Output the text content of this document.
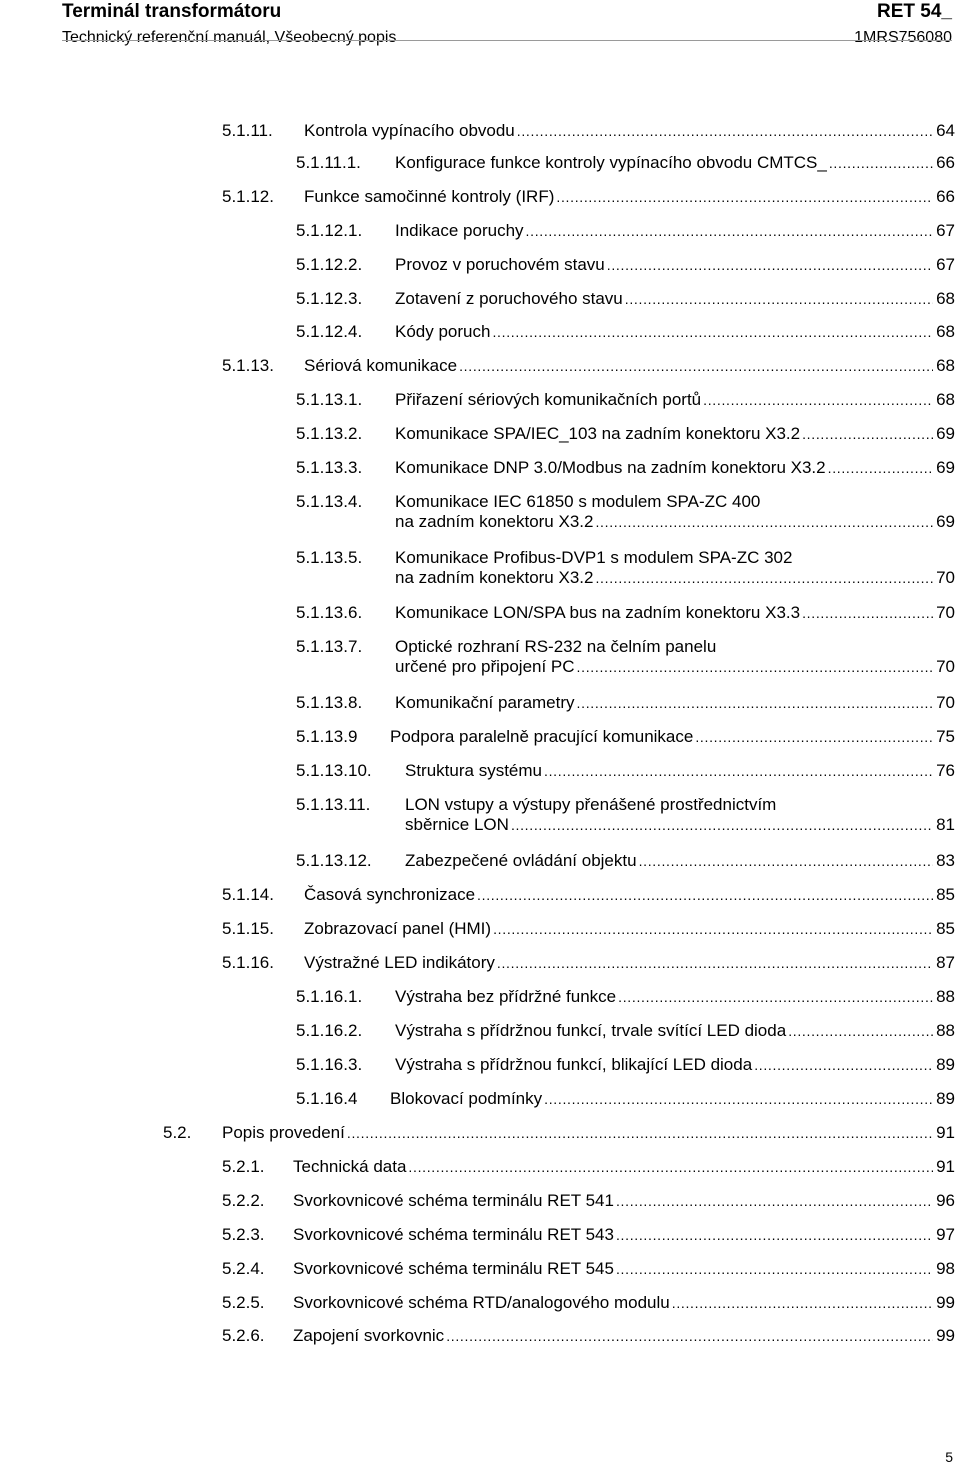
Terminál transformátoru	RET 54_
Technický referenční manuál, Všeobecný popis	1MRS756080
5.1.11. Kontrola vypínacího obvodu . . .	64
5.1.11.1. Konfigurace funkce kontroly vypínacího obvodu CMTCS_ . . .	66
5.1.12. Funkce samočinné kontroly (IRF) . . .	66
5.1.12.1. Indikace poruchy . . .	67
5.1.12.2. Provoz v poruchovém stavu . . .	67
5.1.12.3. Zotavení z poruchového stavu . . .	68
5.1.12.4. Kódy poruch . . .	68
5.1.13. Sériová komunikace . . .	68
5.1.13.1. Přiřazení sériových komunikačních portů . . .	68
5.1.13.2. Komunikace SPA/IEC_103 na zadním konektoru X3.2 . . .	69
5.1.13.3. Komunikace DNP 3.0/Modbus na zadním konektoru X3.2 . . .	69
5.1.13.4. Komunikace IEC 61850 s modulem SPA-ZC 400
na zadním konektoru X3.2 . . .	69
5.1.13.5. Komunikace Profibus-DVP1 s modulem SPA-ZC 302
na zadním konektoru X3.2 . . .	70
5.1.13.6. Komunikace LON/SPA bus na zadním konektoru X3.3 . . .	70
5.1.13.7. Optické rozhraní RS-232 na čelním panelu
určené pro připojení PC . . .	70
5.1.13.8. Komunikační parametry . . .	70
5.1.13.9 Podpora paralelně pracující komunikace . . .	75
5.1.13.10. Struktura systému . . .	76
5.1.13.11. LON vstupy a výstupy přenášené prostřednictvím
sběrnice LON . . .	81
5.1.13.12. Zabezpečené ovládání objektu . . .	83
5.1.14. Časová synchronizace . . .	85
5.1.15. Zobrazovací panel (HMI) . . .	85
5.1.16. Výstražné LED indikátory . . .	87
5.1.16.1. Výstraha bez přídržné funkce . . .	88
5.1.16.2. Výstraha s přídržnou funkcí, trvale svítící LED dioda . . .	88
5.1.16.3. Výstraha s přídržnou funkcí, blikající LED dioda . . .	89
5.1.16.4 Blokovací podmínky . . .	89
5.2. Popis provedení . . .	91
5.2.1. Technická data . . .	91
5.2.2. Svorkovnicové schéma terminálu RET 541 . . .	96
5.2.3. Svorkovnicové schéma terminálu RET 543 . . .	97
5.2.4. Svorkovnicové schéma terminálu RET 545 . . .	98
5.2.5. Svorkovnicové schéma RTD/analogového modulu . . .	99
5.2.6. Zapojení svorkovnic . . .	99
5
